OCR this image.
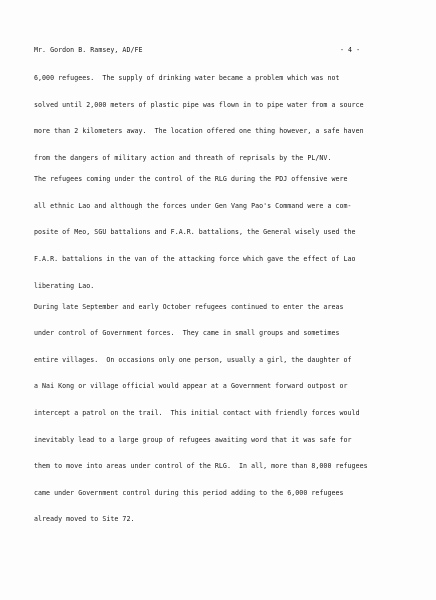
Mr. Gordon B. Ramsey, AD/FE	- 4 -
6,000 refugees.  The supply of drinking water became a problem which was not
solved until 2,000 meters of plastic pipe was flown in to pipe water from a source
more than 2 kilometers away.  The location offered one thing however, a safe haven
from the dangers of military action and threath of reprisals by the PL/NV.
The refugees coming under the control of the RLG during the PDJ offensive were
all ethnic Lao and although the forces under Gen Vang Pao's Command were a com-
posite of Meo, SGU battalions and F.A.R. battalions, the General wisely used the
F.A.R. battalions in the van of the attacking force which gave the effect of Lao
liberating Lao.
During late September and early October refugees continued to enter the areas
under control of Government forces.  They came in small groups and sometimes
entire villages.  On occasions only one person, usually a girl, the daughter of
a Nai Kong or village official would appear at a Government forward outpost or
intercept a patrol on the trail.  This initial contact with friendly forces would
inevitably lead to a large group of refugees awaiting word that it was safe for
them to move into areas under control of the RLG.  In all, more than 8,000 refugees
came under Government control during this period adding to the 6,000 refugees
already moved to Site 72.
